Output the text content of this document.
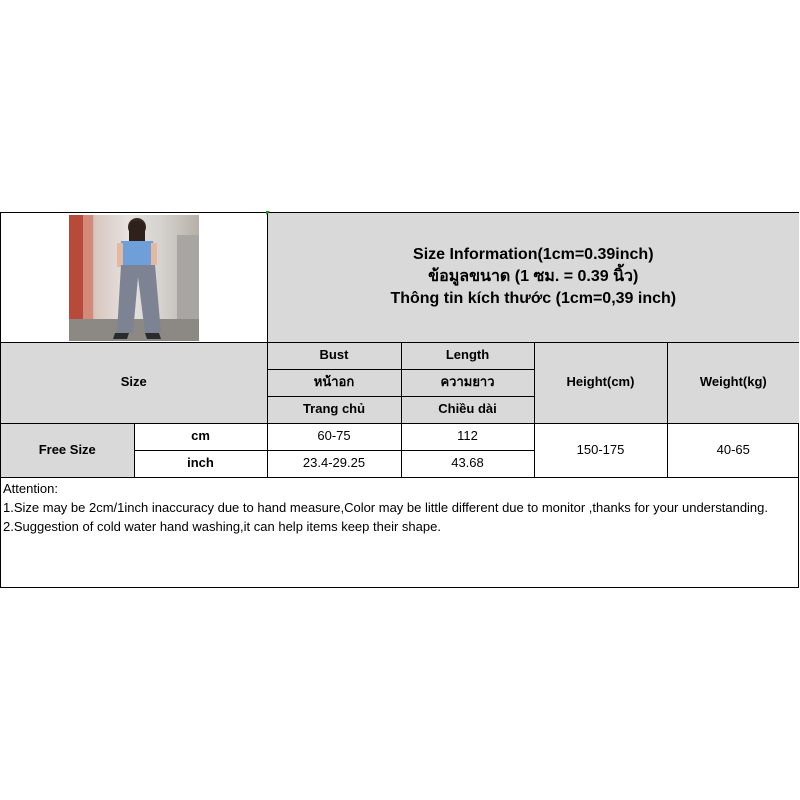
Size Information(1cm=0.39inch)
ข้อมูลขนาด (1 ซม. = 0.39 นิ้ว)
Thông tin kích thước (1cm=0,39 inch)			

Size		Bust	Length	Height(cm)	Weight(kg)
		หน้าอก	ความยาว		
		Trang chủ	Chiều dài		
Free Size	cm	60-75	112	150-175	40-65
	inch	23.4-29.25	43.68		
Attention:
1.Size may be 2cm/1inch inaccuracy due to hand measure,Color may be little different due to monitor ,thanks for your understanding.
2.Suggestion of cold water hand washing,it can help items keep their shape.
